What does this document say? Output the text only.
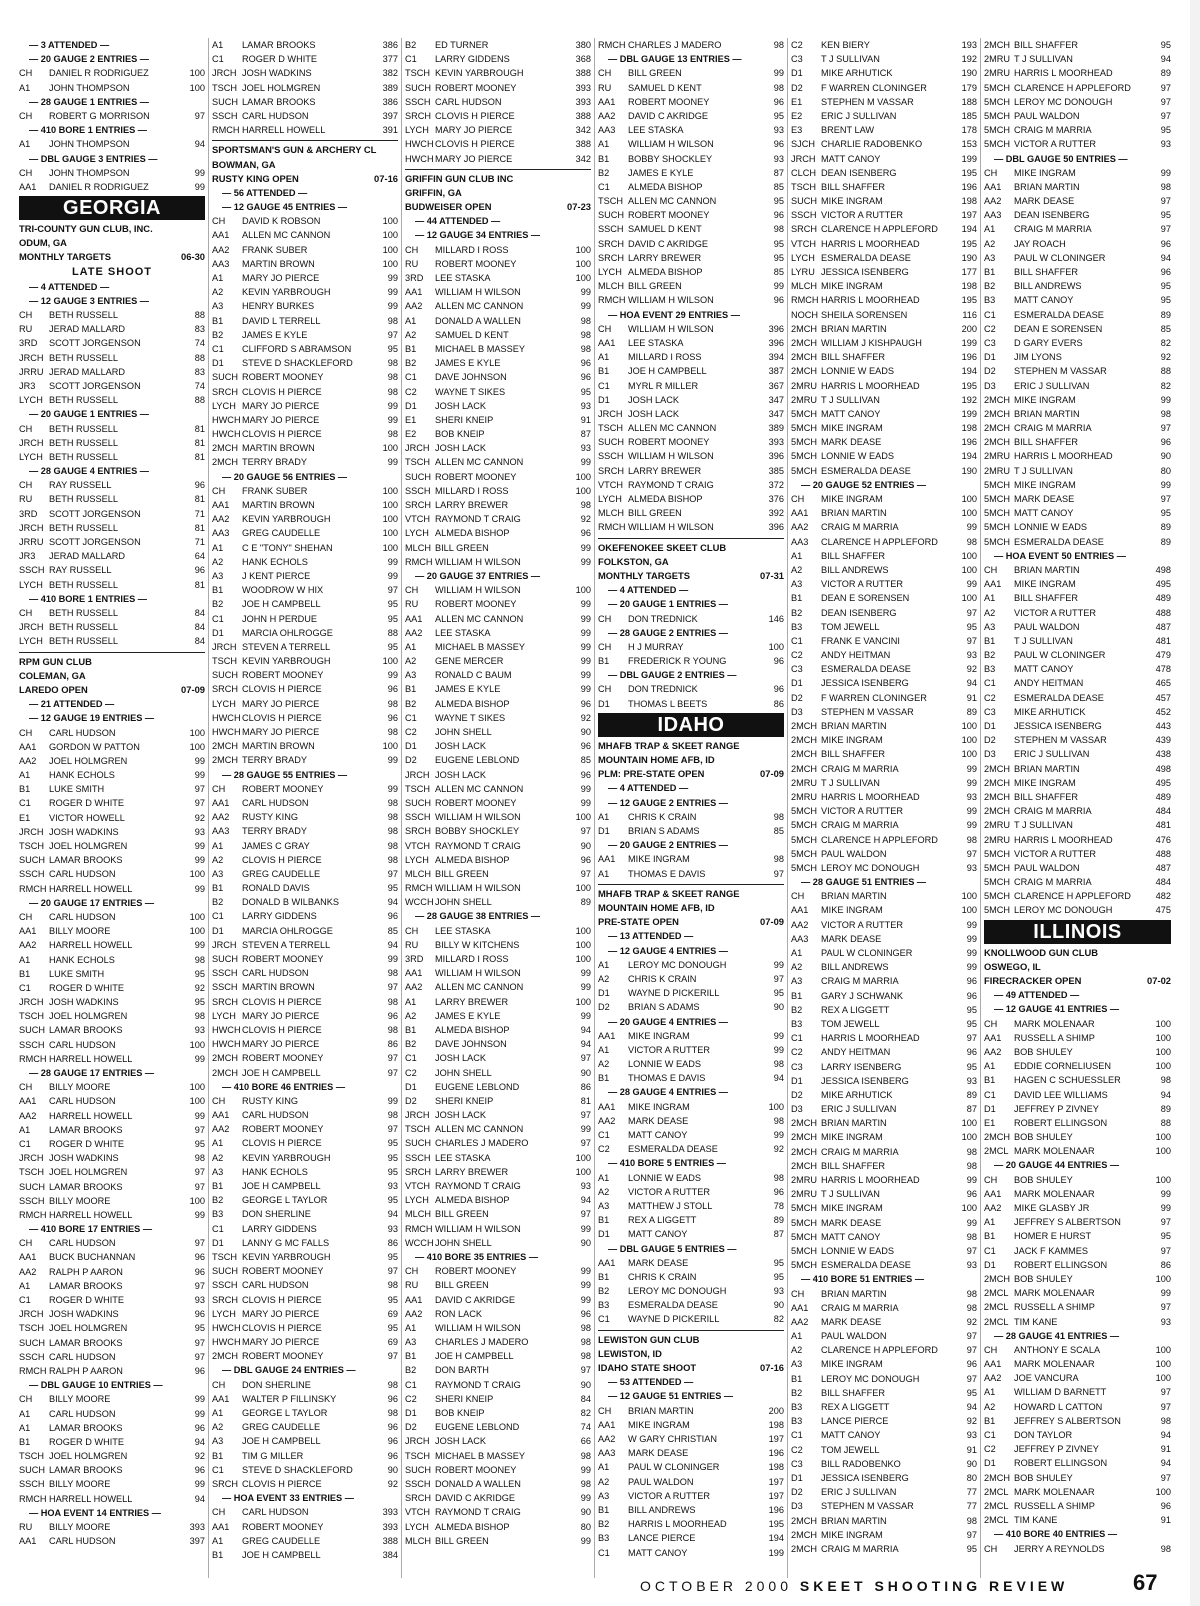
— 3 ATTENDED —
— 20 GAUGE 2 ENTRIES —
CH	DANIEL R RODRIGUEZ	100
A1	JOHN THOMPSON	100
— 28 GAUGE 1 ENTRIES —
CH	ROBERT G MORRISON	97
— 410 BORE 1 ENTRIES —
A1	JOHN THOMPSON	94
— DBL GAUGE 3 ENTRIES —
CH	JOHN THOMPSON	99
AA1	DANIEL R RODRIGUEZ	99
GEORGIA
TRI-COUNTY GUN CLUB, INC.
ODUM, GA
MONTHLY TARGETS	06-30
LATE SHOOT
— 4 ATTENDED —
— 12 GAUGE 3 ENTRIES —
CH	BETH RUSSELL	88
RU	JERAD MALLARD	83
3RD	SCOTT JORGENSON	74
JRCH BETH RUSSELL	88
JRRU JERAD MALLARD	83
JR3	SCOTT JORGENSON	74
LYCH BETH RUSSELL	88
— 20 GAUGE 1 ENTRIES —
CH	BETH RUSSELL	81
JRCH BETH RUSSELL	81
LYCH BETH RUSSELL	81
— 28 GAUGE 4 ENTRIES —
CH	RAY RUSSELL	96
RU	BETH RUSSELL	81
3RD	SCOTT JORGENSON	71
JRCH BETH RUSSELL	81
JRRU SCOTT JORGENSON	71
JR3	JERAD MALLARD	64
SSCH RAY RUSSELL	96
LYCH BETH RUSSELL	81
— 410 BORE 1 ENTRIES —
CH	BETH RUSSELL	84
JRCH BETH RUSSELL	84
LYCH BETH RUSSELL	84
RPM GUN CLUB
COLEMAN, GA
LAREDO OPEN	07-09
— 21 ATTENDED —
— 12 GAUGE 19 ENTRIES —
CH	CARL HUDSON	100
AA1	GORDON W PATTON	100
AA2	JOEL HOLMGREN	99
A1	HANK ECHOLS	99
B1	LUKE SMITH	97
C1	ROGER D WHITE	97
E1	VICTOR HOWELL	92
JRCH JOSH WADKINS	93
TSCH JOEL HOLMGREN	99
SUCH LAMAR BROOKS	99
SSCH CARL HUDSON	100
RMCH HARRELL HOWELL	99
— 20 GAUGE 17 ENTRIES —
CH	CARL HUDSON	100
AA1	BILLY MOORE	100
AA2	HARRELL HOWELL	99
A1	HANK ECHOLS	98
B1	LUKE SMITH	95
C1	ROGER D WHITE	92
JRCH JOSH WADKINS	95
TSCH JOEL HOLMGREN	98
SUCH LAMAR BROOKS	93
SSCH CARL HUDSON	100
RMCH HARRELL HOWELL	99
— 28 GAUGE 17 ENTRIES —
CH	BILLY MOORE	100
AA1	CARL HUDSON	100
AA2	HARRELL HOWELL	99
A1	LAMAR BROOKS	97
C1	ROGER D WHITE	95
JRCH JOSH WADKINS	98
TSCH JOEL HOLMGREN	97
SUCH LAMAR BROOKS	97
SSCH BILLY MOORE	100
RMCH HARRELL HOWELL	99
— 410 BORE 17 ENTRIES —
CH	CARL HUDSON	97
AA1	BUCK BUCHANNAN	96
AA2	RALPH P AARON	96
A1	LAMAR BROOKS	97
C1	ROGER D WHITE	93
JRCH JOSH WADKINS	96
TSCH JOEL HOLMGREN	95
SUCH LAMAR BROOKS	97
SSCH CARL HUDSON	97
RMCH RALPH P AARON	96
— DBL GAUGE 10 ENTRIES —
CH	BILLY MOORE	99
A1	CARL HUDSON	99
A1	LAMAR BROOKS	96
B1	ROGER D WHITE	94
TSCH JOEL HOLMGREN	92
SUCH LAMAR BROOKS	96
SSCH BILLY MOORE	99
RMCH HARRELL HOWELL	94
— HOA EVENT 14 ENTRIES —
RU	BILLY MOORE	393
AA1	CARL HUDSON	397
A1	LAMAR BROOKS	386
C1	ROGER D WHITE	377
JRCH JOSH WADKINS	382
TSCH JOEL HOLMGREN	389
SUCH LAMAR BROOKS	386
SSCH CARL HUDSON	397
RMCH HARRELL HOWELL	391
SPORTSMAN'S GUN & ARCHERY CL
BOWMAN, GA
RUSTY KING OPEN	07-16
— 56 ATTENDED —
— 12 GAUGE 45 ENTRIES —
CH	DAVID K ROBSON	100
AA1	ALLEN MC CANNON	100
AA2	FRANK SUBER	100
AA3	MARTIN BROWN	100
A1	MARY JO PIERCE	99
A2	KEVIN YARBROUGH	99
A3	HENRY BURKES	99
B1	DAVID L TERRELL	98
B2	JAMES E KYLE	97
C1	CLIFFORD S ABRAMSON	95
D1	STEVE D SHACKLEFORD	98
SUCH ROBERT MOONEY	98
SRCH CLOVIS H PIERCE	98
LYCH MARY JO PIERCE	99
HWCH MARY JO PIERCE	99
HWCH CLOVIS H PIERCE	98
2MCH MARTIN BROWN	100
2MCH TERRY BRADY	99
— 20 GAUGE 56 ENTRIES —
CH	FRANK SUBER	100
AA1	MARTIN BROWN	100
AA2	KEVIN YARBROUGH	100
AA3	GREG CAUDELLE	100
A1	C E "TONY" SHEHAN	100
A2	HANK ECHOLS	99
A3	J KENT PIERCE	99
B1	WOODROW W HIX	97
B2	JOE H CAMPBELL	95
C1	JOHN H PERDUE	95
D1	MARCIA OHLROGGE	88
JRCH STEVEN A TERRELL	95
TSCH KEVIN YARBROUGH	100
SUCH ROBERT MOONEY	99
SRCH CLOVIS H PIERCE	96
LYCH MARY JO PIERCE	98
HWCH CLOVIS H PIERCE	96
HWCH MARY JO PIERCE	98
2MCH MARTIN BROWN	100
2MCH TERRY BRADY	99
— 28 GAUGE 55 ENTRIES —
CH	ROBERT MOONEY	99
AA1	CARL HUDSON	98
AA2	RUSTY KING	98
AA3	TERRY BRADY	98
A1	JAMES C GRAY	98
A2	CLOVIS H PIERCE	98
A3	GREG CAUDELLE	97
B1	RONALD DAVIS	95
B2	DONALD B WILBANKS	94
C1	LARRY GIDDENS	96
D1	MARCIA OHLROGGE	85
JRCH STEVEN A TERRELL	94
SUCH ROBERT MOONEY	99
SSCH CARL HUDSON	98
SSCH MARTIN BROWN	97
SRCH CLOVIS H PIERCE	98
LYCH MARY JO PIERCE	96
HWCH CLOVIS H PIERCE	98
HWCH MARY JO PIERCE	86
2MCH ROBERT MOONEY	97
2MCH JOE H CAMPBELL	97
— 410 BORE 46 ENTRIES —
CH	RUSTY KING	99
AA1	CARL HUDSON	98
AA2	ROBERT MOONEY	97
A1	CLOVIS H PIERCE	95
A2	KEVIN YARBROUGH	95
A3	HANK ECHOLS	95
B1	JOE H CAMPBELL	93
B2	GEORGE L TAYLOR	95
B3	DON SHERLINE	94
C1	LARRY GIDDENS	93
D1	LANNY G MC FALLS	86
TSCH KEVIN YARBROUGH	95
SUCH ROBERT MOONEY	97
SSCH CARL HUDSON	98
SRCH CLOVIS H PIERCE	95
LYCH MARY JO PIERCE	69
HWCH CLOVIS H PIERCE	95
HWCH MARY JO PIERCE	69
2MCH ROBERT MOONEY	97
— DBL GAUGE 24 ENTRIES —
CH	DON SHERLINE	98
AA1	WALTER P FILLINSKY	96
A1	GEORGE L TAYLOR	98
A2	GREG CAUDELLE	96
A3	JOE H CAMPBELL	96
B1	TIM G MILLER	96
C1	STEVE D SHACKLEFORD	90
SRCH CLOVIS H PIERCE	92
— HOA EVENT 33 ENTRIES —
CH	CARL HUDSON	393
AA1	ROBERT MOONEY	393
A1	GREG CAUDELLE	388
B1	JOE H CAMPBELL	384
B2	ED TURNER	380
C1	LARRY GIDDENS	368
TSCH KEVIN YARBROUGH	388
SUCH ROBERT MOONEY	393
SSCH CARL HUDSON	393
SRCH CLOVIS H PIERCE	388
LYCH MARY JO PIERCE	342
HWCH CLOVIS H PIERCE	388
HWCH MARY JO PIERCE	342
GRIFFIN GUN CLUB INC
GRIFFIN, GA
BUDWEISER OPEN	07-23
— 44 ATTENDED —
— 12 GAUGE 34 ENTRIES —
CH	MILLARD I ROSS	100
RU	ROBERT MOONEY	100
3RD	LEE STASKA	100
AA1	WILLIAM H WILSON	99
AA2	ALLEN MC CANNON	99
A1	DONALD A WALLEN	98
A2	SAMUEL D KENT	98
B1	MICHAEL B MASSEY	98
B2	JAMES E KYLE	96
C1	DAVE JOHNSON	96
C2	WAYNE T SIKES	95
D1	JOSH LACK	93
E1	SHERI KNEIP	91
E2	BOB KNEIP	87
JRCH JOSH LACK	93
TSCH ALLEN MC CANNON	99
SUCH ROBERT MOONEY	100
SSCH MILLARD I ROSS	100
SRCH LARRY BREWER	98
VTCH RAYMOND T CRAIG	92
LYCH ALMEDA BISHOP	96
MLCH BILL GREEN	99
RMCH WILLIAM H WILSON	99
— 20 GAUGE 37 ENTRIES —
CH	WILLIAM H WILSON	100
RU	ROBERT MOONEY	99
AA1	ALLEN MC CANNON	99
AA2	LEE STASKA	99
A1	MICHAEL B MASSEY	99
A2	GENE MERCER	99
A3	RONALD C BAUM	99
B1	JAMES E KYLE	99
B2	ALMEDA BISHOP	96
C1	WAYNE T SIKES	92
C2	JOHN SHELL	90
D1	JOSH LACK	96
D2	EUGENE LEBLOND	85
JRCH JOSH LACK	96
TSCH ALLEN MC CANNON	99
SUCH ROBERT MOONEY	99
SSCH WILLIAM H WILSON	100
SRCH BOBBY SHOCKLEY	97
VTCH RAYMOND T CRAIG	90
LYCH ALMEDA BISHOP	96
MLCH BILL GREEN	97
RMCH WILLIAM H WILSON	100
WCCH JOHN SHELL	89
— 28 GAUGE 38 ENTRIES —
CH	LEE STASKA	100
RU	BILLY W KITCHENS	100
3RD	MILLARD I ROSS	100
AA1	WILLIAM H WILSON	99
AA2	ALLEN MC CANNON	99
A1	LARRY BREWER	100
A2	JAMES E KYLE	99
B1	ALMEDA BISHOP	94
B2	DAVE JOHNSON	94
C1	JOSH LACK	97
C2	JOHN SHELL	90
D1	EUGENE LEBLOND	86
D2	SHERI KNEIP	81
JRCH JOSH LACK	97
TSCH ALLEN MC CANNON	99
SUCH CHARLES J MADERO	97
SSCH LEE STASKA	100
SRCH LARRY BREWER	100
VTCH RAYMOND T CRAIG	93
LYCH ALMEDA BISHOP	94
MLCH BILL GREEN	97
RMCH WILLIAM H WILSON	99
WCCH JOHN SHELL	90
— 410 BORE 35 ENTRIES —
CH	ROBERT MOONEY	99
RU	BILL GREEN	99
AA1	DAVID C AKRIDGE	99
AA2	RON LACK	96
A1	WILLIAM H WILSON	98
A3	CHARLES J MADERO	98
B1	JOE H CAMPBELL	98
B2	DON BARTH	97
C1	RAYMOND T CRAIG	90
C2	SHERI KNEIP	84
D1	BOB KNEIP	82
D2	EUGENE LEBLOND	74
JRCH JOSH LACK	66
TSCH MICHAEL B MASSEY	98
SUCH ROBERT MOONEY	99
SSCH DONALD A WALLEN	98
SRCH DAVID C AKRIDGE	99
VTCH RAYMOND T CRAIG	90
LYCH ALMEDA BISHOP	80
MLCH BILL GREEN	99
RMCH CHARLES J MADERO	98
— DBL GAUGE 13 ENTRIES —
CH	BILL GREEN	99
RU	SAMUEL D KENT	98
AA1	ROBERT MOONEY	96
AA2	DAVID C AKRIDGE	95
AA3	LEE STASKA	93
A1	WILLIAM H WILSON	96
B1	BOBBY SHOCKLEY	93
B2	JAMES E KYLE	87
C1	ALMEDA BISHOP	85
TSCH ALLEN MC CANNON	95
SUCH ROBERT MOONEY	96
SSCH SAMUEL D KENT	98
SRCH DAVID C AKRIDGE	95
SRCH LARRY BREWER	95
LYCH ALMEDA BISHOP	85
MLCH BILL GREEN	99
RMCH WILLIAM H WILSON	96
— HOA EVENT 29 ENTRIES —
CH	WILLIAM H WILSON	396
AA1	LEE STASKA	396
A1	MILLARD I ROSS	394
B1	JOE H CAMPBELL	387
C1	MYRL R MILLER	367
D1	JOSH LACK	347
JRCH JOSH LACK	347
TSCH ALLEN MC CANNON	389
SUCH ROBERT MOONEY	393
SSCH WILLIAM H WILSON	396
SRCH LARRY BREWER	385
VTCH RAYMOND T CRAIG	372
LYCH ALMEDA BISHOP	376
MLCH BILL GREEN	392
RMCH WILLIAM H WILSON	396
OKEFENOKEE SKEET CLUB
FOLKSTON, GA
MONTHLY TARGETS	07-31
— 4 ATTENDED —
— 20 GAUGE 1 ENTRIES —
CH	DON TREDNICK	146
— 28 GAUGE 2 ENTRIES —
CH	H J MURRAY	100
B1	FREDERICK R YOUNG	96
— DBL GAUGE 2 ENTRIES —
CH	DON TREDNICK	96
D1	THOMAS L BEETS	86
IDAHO
MHAFB TRAP & SKEET RANGE
MOUNTAIN HOME AFB, ID
PLM: PRE-STATE OPEN	07-09
— 4 ATTENDED —
— 12 GAUGE 2 ENTRIES —
A1	CHRIS K CRAIN	98
D1	BRIAN S ADAMS	85
— 20 GAUGE 2 ENTRIES —
AA1	MIKE INGRAM	98
A1	THOMAS E DAVIS	97
MHAFB TRAP & SKEET RANGE
MOUNTAIN HOME AFB, ID
PRE-STATE OPEN	07-09
— 13 ATTENDED —
— 12 GAUGE 4 ENTRIES —
A1	LEROY MC DONOUGH	99
A2	CHRIS K CRAIN	97
D1	WAYNE D PICKERILL	95
D2	BRIAN S ADAMS	90
— 20 GAUGE 4 ENTRIES —
AA1	MIKE INGRAM	99
A1	VICTOR A RUTTER	99
A2	LONNIE W EADS	98
B1	THOMAS E DAVIS	94
— 28 GAUGE 4 ENTRIES —
AA1	MIKE INGRAM	100
AA2	MARK DEASE	98
C1	MATT CANOY	99
C2	ESMERALDA DEASE	92
— 410 BORE 5 ENTRIES —
A1	LONNIE W EADS	98
A2	VICTOR A RUTTER	96
A3	MATTHEW J STOLL	78
B1	REX A LIGGETT	89
D1	MATT CANOY	87
— DBL GAUGE 5 ENTRIES —
AA1	MARK DEASE	95
B1	CHRIS K CRAIN	95
B2	LEROY MC DONOUGH	93
B3	ESMERALDA DEASE	90
C1	WAYNE D PICKERILL	82
LEWISTON GUN CLUB
LEWISTON, ID
IDAHO STATE SHOOT	07-16
— 53 ATTENDED —
— 12 GAUGE 51 ENTRIES —
CH	BRIAN MARTIN	200
AA1	MIKE INGRAM	198
AA2	W GARY CHRISTIAN	197
AA3	MARK DEASE	196
A1	PAUL W CLONINGER	198
A2	PAUL WALDON	197
A3	VICTOR A RUTTER	197
B1	BILL ANDREWS	196
B2	HARRIS L MOORHEAD	195
B3	LANCE PIERCE	194
C1	MATT CANOY	199
C2	KEN BIERY	193
C3	T J SULLIVAN	192
D1	MIKE ARHUTICK	190
D2	F WARREN CLONINGER	179
E1	STEPHEN M VASSAR	188
E2	ERIC J SULLIVAN	185
E3	BRENT LAW	178
SJCH CHARLIE RADOBENKO	153
JRCH MATT CANOY	199
CLCH DEAN ISENBERG	195
TSCH BILL SHAFFER	196
SUCH MIKE INGRAM	198
SSCH VICTOR A RUTTER	197
SRCH CLARENCE H APPLEFORD	194
VTCH HARRIS L MOORHEAD	195
LYCH ESMERALDA DEASE	190
LYRU JESSICA ISENBERG	177
MLCH MIKE INGRAM	198
RMCH HARRIS L MOORHEAD	195
NOCH SHEILA SORENSEN	116
2MCH BRIAN MARTIN	200
2MCH WILLIAM J KISHPAUGH	199
2MCH BILL SHAFFER	196
2MCH LONNIE W EADS	194
2MRU HARRIS L MOORHEAD	195
2MRU T J SULLIVAN	192
5MCH MATT CANOY	199
5MCH MIKE INGRAM	198
5MCH MARK DEASE	196
5MCH LONNIE W EADS	194
5MCH ESMERALDA DEASE	190
— 20 GAUGE 52 ENTRIES —
CH	MIKE INGRAM	100
AA1	BRIAN MARTIN	100
AA2	CRAIG M MARRIA	99
AA3	CLARENCE H APPLEFORD	98
A1	BILL SHAFFER	100
A2	BILL ANDREWS	100
A3	VICTOR A RUTTER	99
B1	DEAN E SORENSEN	100
B2	DEAN ISENBERG	97
B3	TOM JEWELL	95
C1	FRANK E VANCINI	97
C2	ANDY HEITMAN	93
C3	ESMERALDA DEASE	92
D1	JESSICA ISENBERG	94
D2	F WARREN CLONINGER	91
D3	STEPHEN M VASSAR	89
2MCH BRIAN MARTIN	100
2MCH MIKE INGRAM	100
2MCH BILL SHAFFER	100
2MCH CRAIG M MARRIA	99
2MRU T J SULLIVAN	99
2MRU HARRIS L MOORHEAD	93
5MCH VICTOR A RUTTER	99
5MCH CRAIG M MARRIA	99
5MCH CLARENCE H APPLEFORD	98
5MCH PAUL WALDON	97
5MCH LEROY MC DONOUGH	93
— 28 GAUGE 51 ENTRIES —
CH	BRIAN MARTIN	100
AA1	MIKE INGRAM	100
AA2	VICTOR A RUTTER	99
AA3	MARK DEASE	99
A1	PAUL W CLONINGER	99
A2	BILL ANDREWS	99
A3	CRAIG M MARRIA	96
B1	GARY J SCHWANK	96
B2	REX A LIGGETT	95
B3	TOM JEWELL	95
C1	HARRIS L MOORHEAD	97
C2	ANDY HEITMAN	96
C3	LARRY ISENBERG	95
D1	JESSICA ISENBERG	93
D2	MIKE ARHUTICK	89
D3	ERIC J SULLIVAN	87
2MCH BRIAN MARTIN	100
2MCH MIKE INGRAM	100
2MCH CRAIG M MARRIA	98
2MCH BILL SHAFFER	98
2MRU HARRIS L MOORHEAD	99
2MRU T J SULLIVAN	96
5MCH MIKE INGRAM	100
5MCH MARK DEASE	99
5MCH MATT CANOY	98
5MCH LONNIE W EADS	97
5MCH ESMERALDA DEASE	93
— 410 BORE 51 ENTRIES —
CH	BRIAN MARTIN	98
AA1	CRAIG M MARRIA	98
AA2	MARK DEASE	92
A1	PAUL WALDON	97
A2	CLARENCE H APPLEFORD	97
A3	MIKE INGRAM	96
B1	LEROY MC DONOUGH	97
B2	BILL SHAFFER	95
B3	REX A LIGGETT	94
B3	LANCE PIERCE	92
C1	MATT CANOY	93
C2	TOM JEWELL	91
C3	BILL RADOBENKO	90
D1	JESSICA ISENBERG	80
D2	ERIC J SULLIVAN	77
D3	STEPHEN M VASSAR	77
2MCH BRIAN MARTIN	98
2MCH MIKE INGRAM	97
2MCH CRAIG M MARRIA	95
2MCH BILL SHAFFER	95
2MRU T J SULLIVAN	94
2MRU HARRIS L MOORHEAD	89
5MCH CLARENCE H APPLEFORD	97
5MCH LEROY MC DONOUGH	97
5MCH PAUL WALDON	97
5MCH CRAIG M MARRIA	95
5MCH VICTOR A RUTTER	93
— DBL GAUGE 50 ENTRIES —
CH	MIKE INGRAM	99
AA1	BRIAN MARTIN	98
AA2	MARK DEASE	97
AA3	DEAN ISENBERG	95
A1	CRAIG M MARRIA	97
A2	JAY ROACH	96
A3	PAUL W CLONINGER	94
B1	BILL SHAFFER	96
B2	BILL ANDREWS	95
B3	MATT CANOY	95
C1	ESMERALDA DEASE	89
C2	DEAN E SORENSEN	85
C3	D GARY EVERS	82
D1	JIM LYONS	92
D2	STEPHEN M VASSAR	88
D3	ERIC J SULLIVAN	82
2MCH MIKE INGRAM	99
2MCH BRIAN MARTIN	98
2MCH CRAIG M MARRIA	97
2MCH BILL SHAFFER	96
2MRU HARRIS L MOORHEAD	90
2MRU T J SULLIVAN	80
5MCH MIKE INGRAM	99
5MCH MARK DEASE	97
5MCH MATT CANOY	95
5MCH LONNIE W EADS	89
5MCH ESMERALDA DEASE	89
— HOA EVENT 50 ENTRIES —
CH	BRIAN MARTIN	498
AA1	MIKE INGRAM	495
A1	BILL SHAFFER	489
A2	VICTOR A RUTTER	488
A3	PAUL WALDON	487
B1	T J SULLIVAN	481
B2	PAUL W CLONINGER	479
B3	MATT CANOY	478
C1	ANDY HEITMAN	465
C2	ESMERALDA DEASE	457
C3	MIKE ARHUTICK	452
D1	JESSICA ISENBERG	443
D2	STEPHEN M VASSAR	439
D3	ERIC J SULLIVAN	438
2MCH BRIAN MARTIN	498
2MCH MIKE INGRAM	495
2MCH BILL SHAFFER	489
2MCH CRAIG M MARRIA	484
2MRU T J SULLIVAN	481
2MRU HARRIS L MOORHEAD	476
5MCH VICTOR A RUTTER	488
5MCH PAUL WALDON	487
5MCH CRAIG M MARRIA	484
5MCH CLARENCE H APPLEFORD	482
5MCH LEROY MC DONOUGH	475
ILLINOIS
KNOLLWOOD GUN CLUB
OSWEGO, IL
FIRECRACKER OPEN	07-02
— 49 ATTENDED —
— 12 GAUGE 41 ENTRIES —
CH	MARK MOLENAAR	100
AA1	RUSSELL A SHIMP	100
AA2	BOB SHULEY	100
A1	EDDIE CORNELIUSEN	100
B1	HAGEN C SCHUESSLER	98
C1	DAVID LEE WILLIAMS	94
D1	JEFFREY P ZIVNEY	89
E1	ROBERT ELLINGSON	88
2MCH BOB SHULEY	100
2MCL MARK MOLENAAR	100
— 20 GAUGE 44 ENTRIES —
CH	BOB SHULEY	100
AA1	MARK MOLENAAR	99
AA2	MIKE GLASBY JR	99
A1	JEFFREY S ALBERTSON	97
B1	HOMER E HURST	95
C1	JACK F KAMMES	97
D1	ROBERT ELLINGSON	86
2MCH BOB SHULEY	100
2MCL MARK MOLENAAR	99
2MCL RUSSELL A SHIMP	97
2MCL TIM KANE	93
— 28 GAUGE 41 ENTRIES —
CH	ANTHONY E SCALA	100
AA1	MARK MOLENAAR	100
AA2	JOE VANCURA	100
A1	WILLIAM D BARNETT	97
A2	HOWARD L CATTON	97
B1	JEFFREY S ALBERTSON	98
C1	DON TAYLOR	94
C2	JEFFREY P ZIVNEY	91
D1	ROBERT ELLINGSON	94
2MCH BOB SHULEY	97
2MCL MARK MOLENAAR	100
2MCL RUSSELL A SHIMP	96
2MCL TIM KANE	91
— 410 BORE 40 ENTRIES —
CH	JERRY A REYNOLDS	98
OCTOBER 2000 SKEET SHOOTING REVIEW	67
